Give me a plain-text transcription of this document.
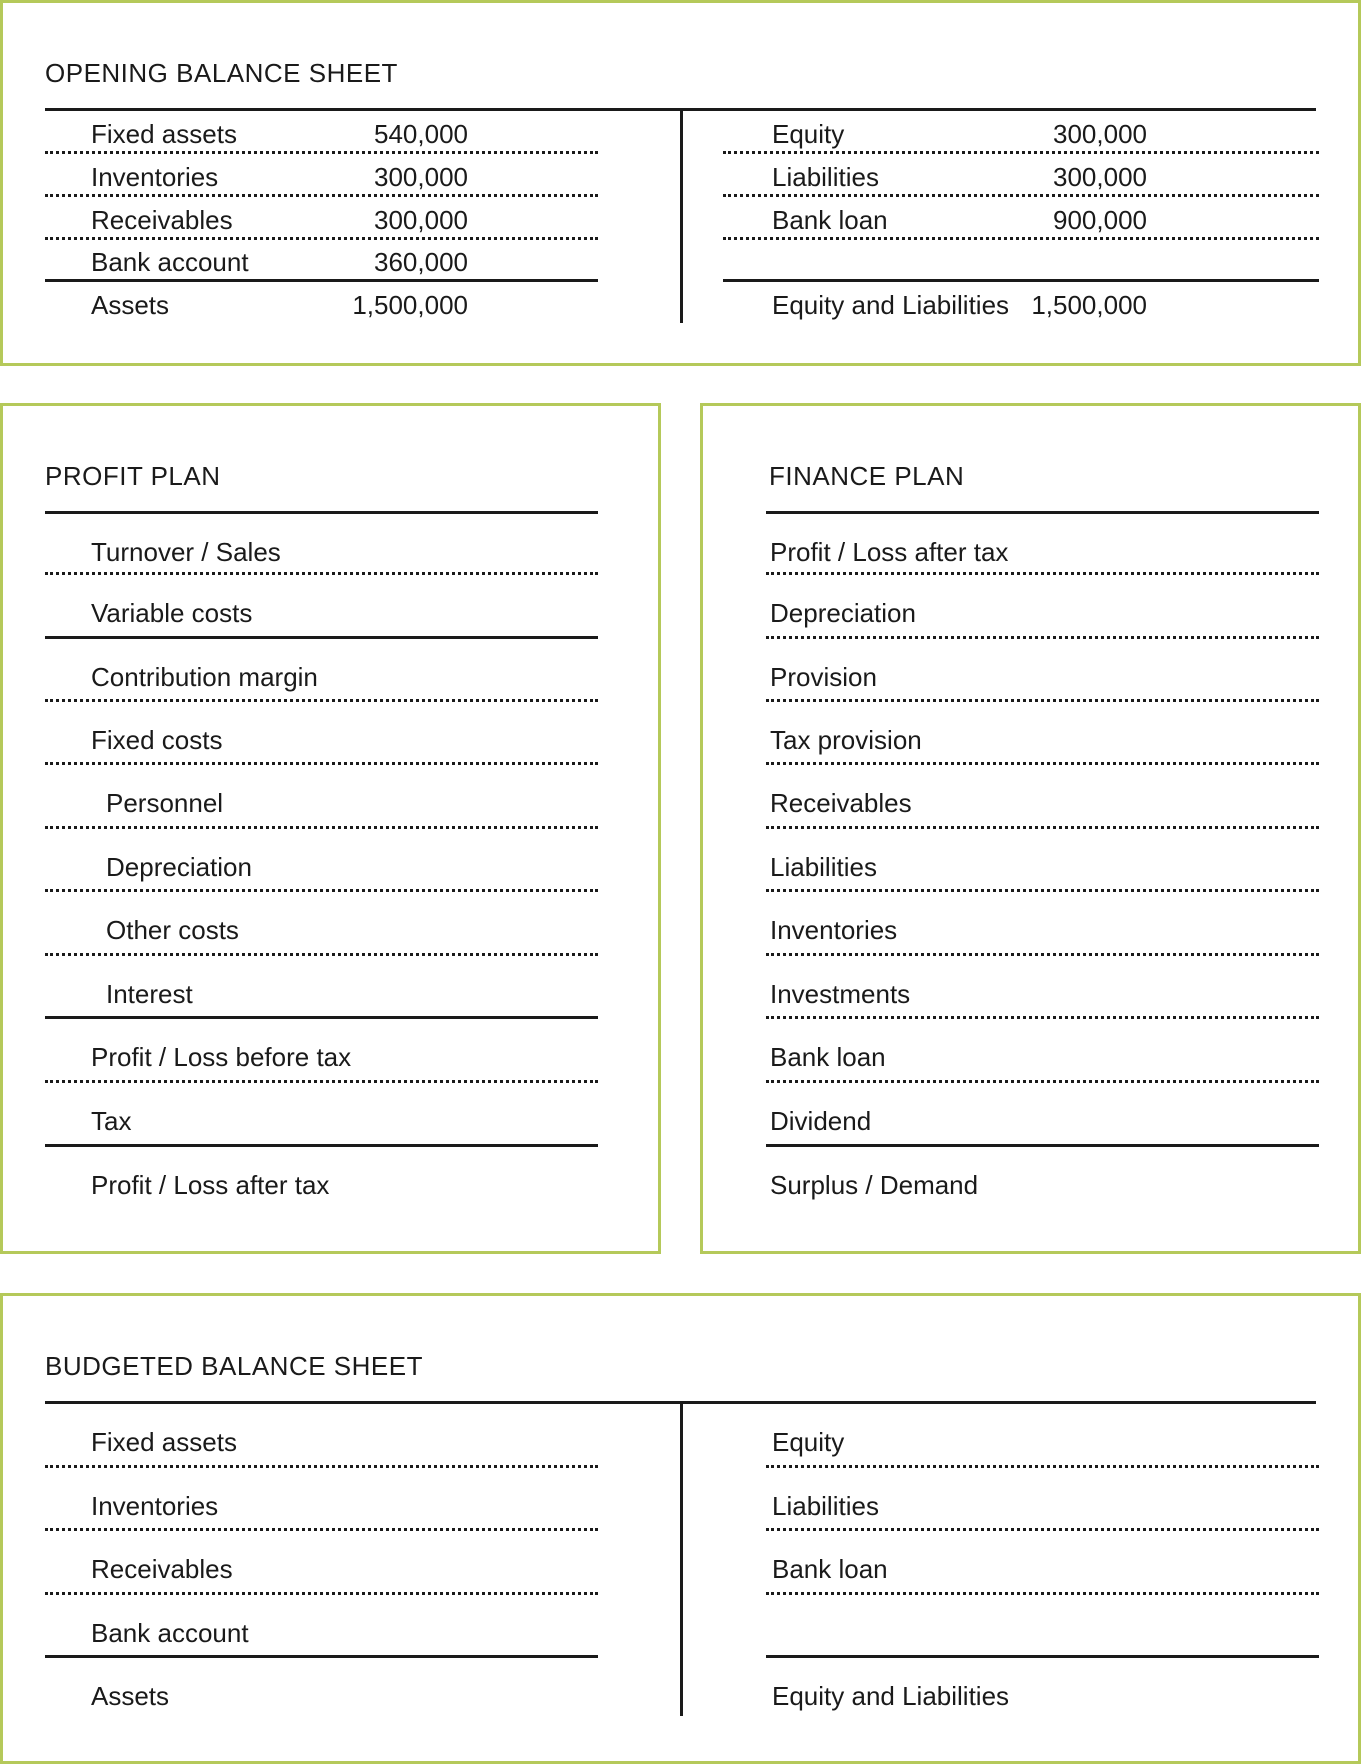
OPENING BALANCE SHEET
Fixed assets	540,000
Inventories	300,000
Receivables	300,000
Bank account	360,000
Assets	1,500,000
Equity	300,000
Liabilities	300,000
Bank loan	900,000
Equity and Liabilities 1,500,000
PROFIT PLAN
Turnover / Sales
Variable costs
Contribution margin
Fixed costs
Personnel
Depreciation
Other costs
Interest
Profit / Loss before tax
Tax
Profit / Loss after tax
FINANCE PLAN
Profit / Loss after tax
Depreciation
Provision
Tax provision
Receivables
Liabilities
Inventories
Investments
Bank loan
Dividend
Surplus / Demand
BUDGETED BALANCE SHEET
Fixed assets
Inventories
Receivables
Bank account
Assets
Equity
Liabilities
Bank loan
Equity and Liabilities
